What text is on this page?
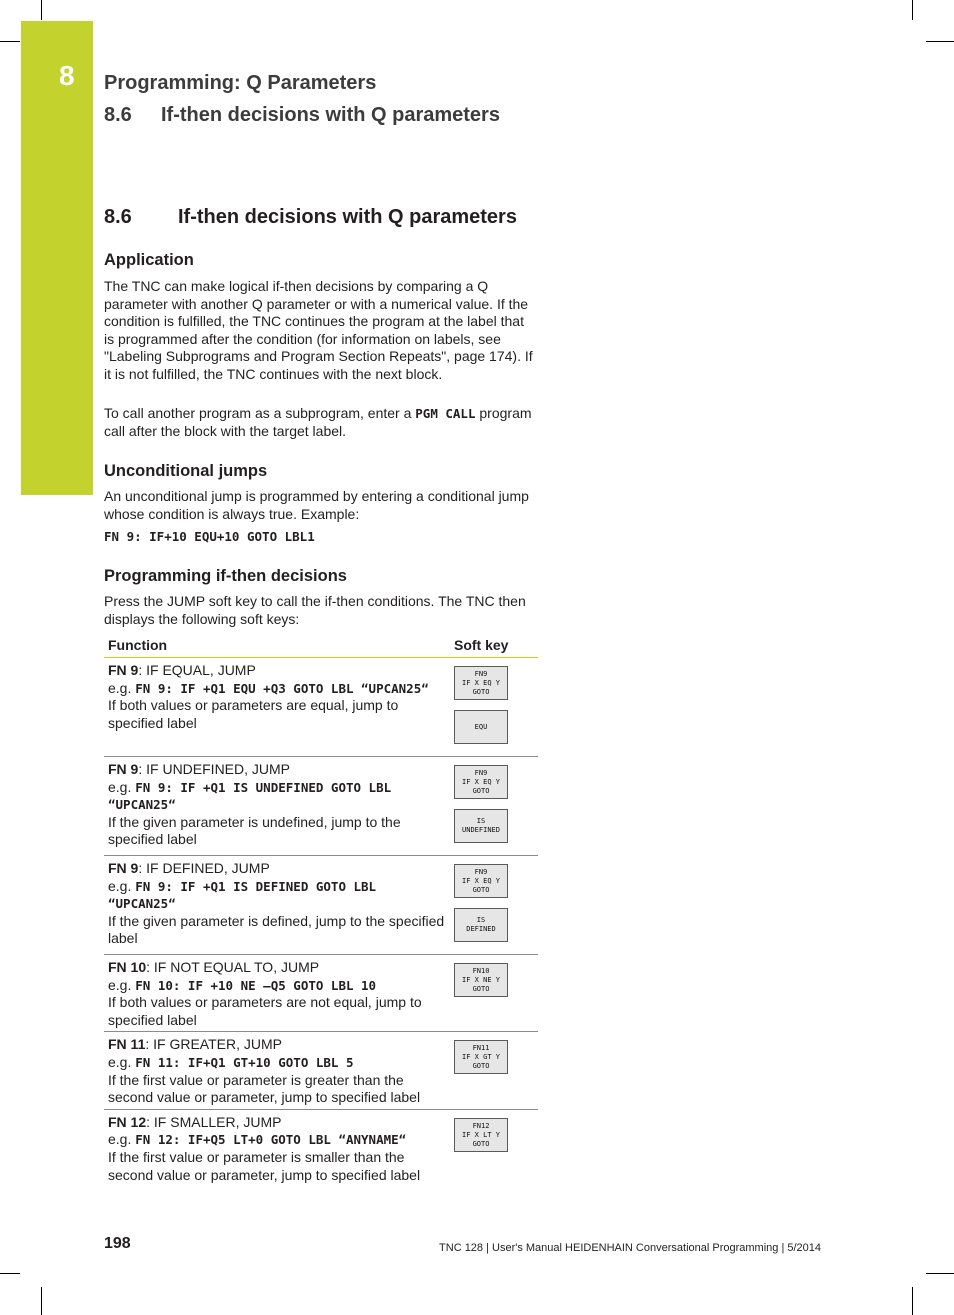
8	Programming: Q Parameters
8.6 If-then decisions with Q parameters
8.6 If-then decisions with Q parameters
Application
The TNC can make logical if-then decisions by comparing a Q parameter with another Q parameter or with a numerical value. If the condition is fulfilled, the TNC continues the program at the label that is programmed after the condition (for information on labels, see "Labeling Subprograms and Program Section Repeats", page 174). If it is not fulfilled, the TNC continues with the next block.
To call another program as a subprogram, enter a PGM CALL program call after the block with the target label.
Unconditional jumps
An unconditional jump is programmed by entering a conditional jump whose condition is always true. Example:
FN 9: IF+10 EQU+10 GOTO LBL1
Programming if-then decisions
Press the JUMP soft key to call the if-then conditions. The TNC then displays the following soft keys:
Function	Soft key
FN 9: IF EQUAL, JUMP
e.g. FN 9: IF +Q1 EQU +Q3 GOTO LBL “UPCAN25“
If both values or parameters are equal, jump to specified label	FN9
IF X EQ Y
GOTO
EQU

FN 9: IF UNDEFINED, JUMP
e.g. FN 9: IF +Q1 IS UNDEFINED GOTO LBL “UPCAN25“
If the given parameter is undefined, jump to the specified label	FN9
IF X EQ Y
GOTO
IS
UNDEFINED

FN 9: IF DEFINED, JUMP
e.g. FN 9: IF +Q1 IS DEFINED GOTO LBL “UPCAN25“
If the given parameter is defined, jump to the specified label	FN9
IF X EQ Y
GOTO
IS
DEFINED

FN 10: IF NOT EQUAL TO, JUMP
e.g. FN 10: IF +10 NE –Q5 GOTO LBL 10
If both values or parameters are not equal, jump to specified label	FN10
IF X NE Y
GOTO

FN 11: IF GREATER, JUMP
e.g. FN 11: IF+Q1 GT+10 GOTO LBL 5
If the first value or parameter is greater than the second value or parameter, jump to specified label	FN11
IF X GT Y
GOTO

FN 12: IF SMALLER, JUMP
e.g. FN 12: IF+Q5 LT+0 GOTO LBL “ANYNAME“
If the first value or parameter is smaller than the second value or parameter, jump to specified label	FN12
IF X LT Y
GOTO
198	TNC 128 | User's Manual HEIDENHAIN Conversational Programming | 5/2014
